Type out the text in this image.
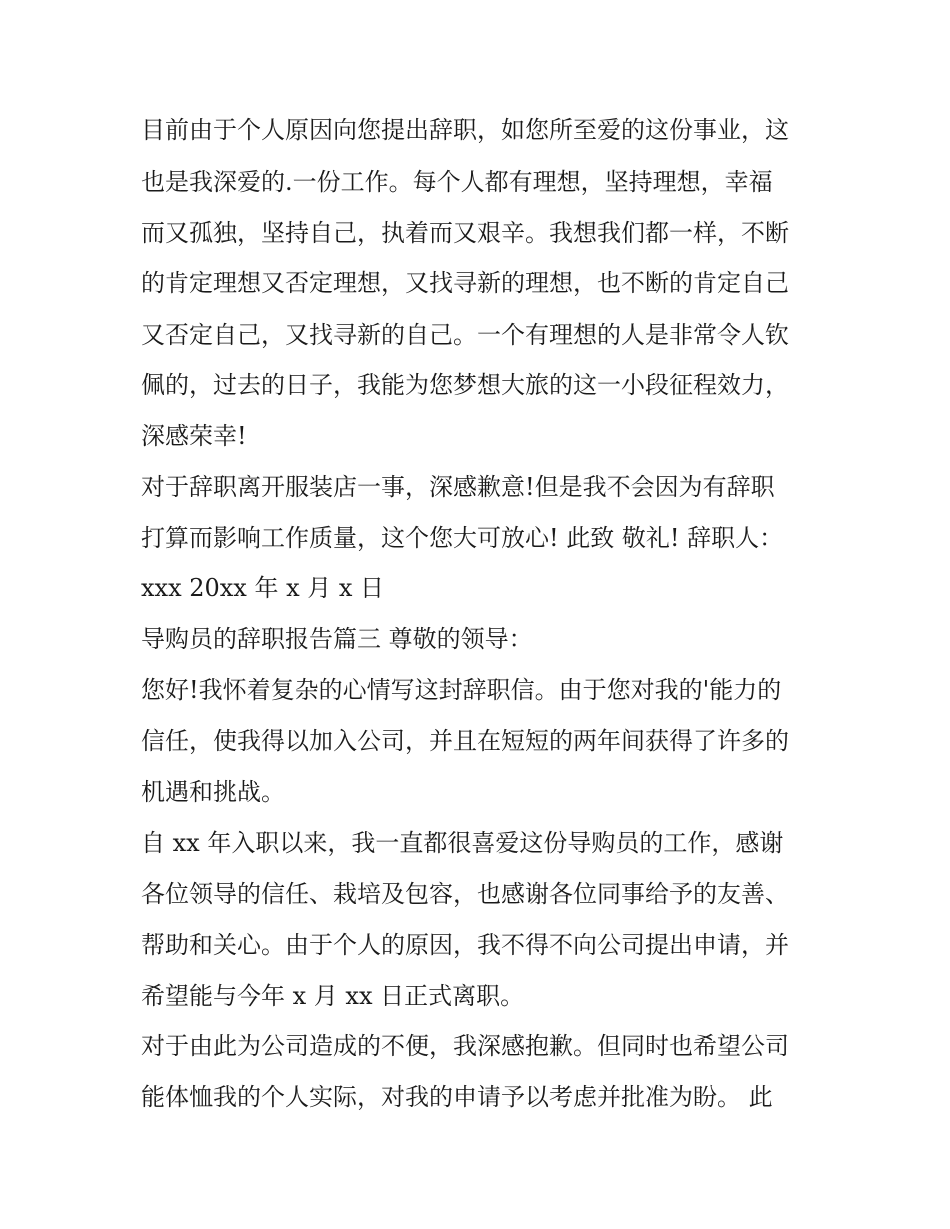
目前由于个人原因向您提出辞职，如您所至爱的这份事业，这
也是我深爱的.一份工作。每个人都有理想，坚持理想，幸福
而又孤独，坚持自己，执着而又艰辛。我想我们都一样，不断
的肯定理想又否定理想，又找寻新的理想，也不断的肯定自己
又否定自己，又找寻新的自己。一个有理想的人是非常令人钦
佩的，过去的日子，我能为您梦想大旅的这一小段征程效力，
深感荣幸!
对于辞职离开服装店一事，深感歉意!但是我不会因为有辞职
打算而影响工作质量，这个您大可放心! 此致 敬礼! 辞职人：
xxx 20xx 年 x 月 x 日
导购员的辞职报告篇三 尊敬的领导：
您好!我怀着复杂的心情写这封辞职信。由于您对我的'能力的
信任，使我得以加入公司，并且在短短的两年间获得了许多的
机遇和挑战。
自 xx 年入职以来，我一直都很喜爱这份导购员的工作，感谢
各位领导的信任、栽培及包容，也感谢各位同事给予的友善、
帮助和关心。由于个人的原因，我不得不向公司提出申请，并
希望能与今年 x 月 xx 日正式离职。
对于由此为公司造成的不便，我深感抱歉。但同时也希望公司
能体恤我的个人实际，对我的申请予以考虑并批准为盼。 此
